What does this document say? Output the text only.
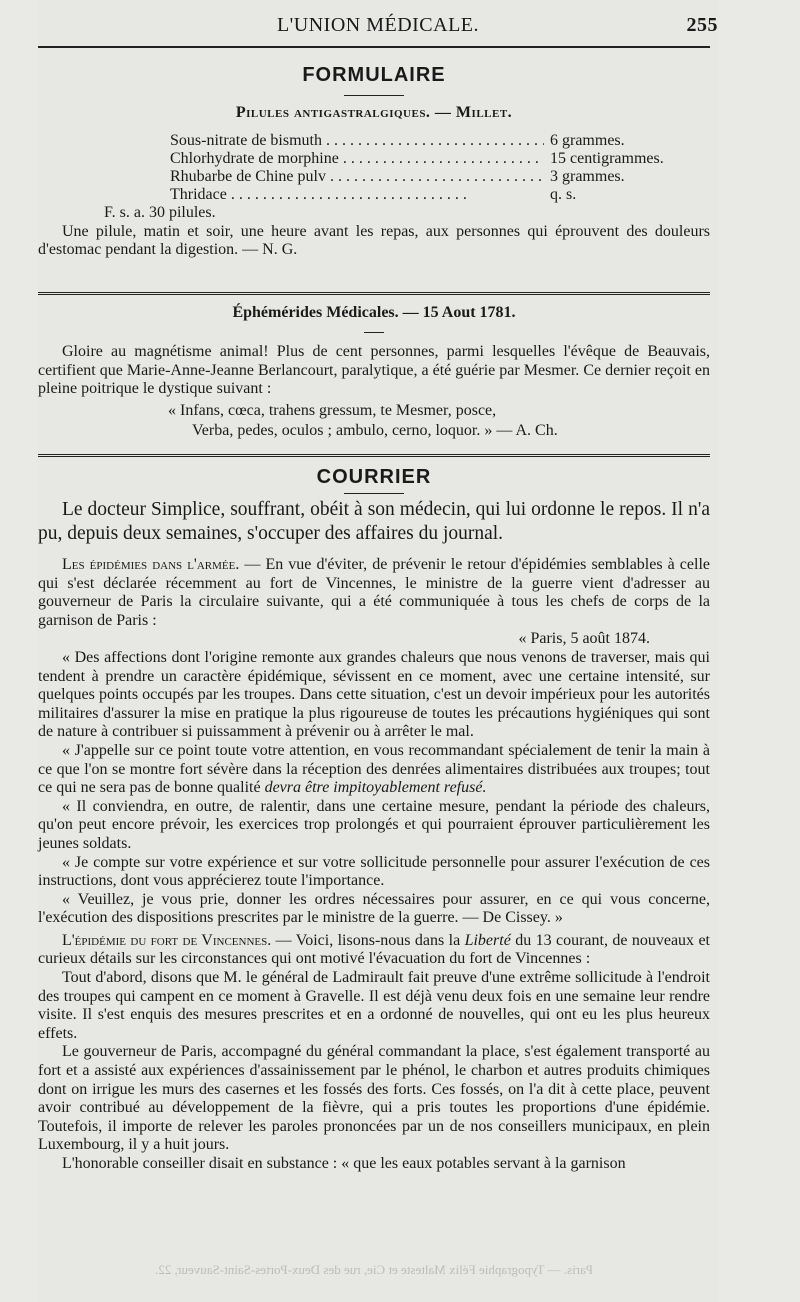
L'UNION MÉDICALE.	255
FORMULAIRE
Pilules antigastralgiques. — Millet.
Sous-nitrate de bismuth . . .	6 grammes.
Chlorhydrate de morphine . . .	15 centigrammes.
Rhubarbe de Chine pulv . . .	3 grammes.
Thridace . . .	q. s.
F. s. a. 30 pilules.
Une pilule, matin et soir, une heure avant les repas, aux personnes qui éprouvent des douleurs d'estomac pendant la digestion. — N. G.
Éphémérides Médicales. — 15 Aout 1781.
Gloire au magnétisme animal! Plus de cent personnes, parmi lesquelles l'évêque de Beauvais, certifient que Marie-Anne-Jeanne Berlancourt, paralytique, a été guérie par Mesmer. Ce dernier reçoit en pleine poitrique le dystique suivant :
« Infans, cœca, trahens gressum, te Mesmer, posce,
Verba, pedes, oculos ; ambulo, cerno, loquor. » — A. Ch.
COURRIER
Le docteur Simplice, souffrant, obéit à son médecin, qui lui ordonne le repos. Il n'a pu, depuis deux semaines, s'occuper des affaires du journal.
Les épidémies dans l'armée. — En vue d'éviter, de prévenir le retour d'épidémies semblables à celle qui s'est déclarée récemment au fort de Vincennes, le ministre de la guerre vient d'adresser au gouverneur de Paris la circulaire suivante, qui a été communiquée à tous les chefs de corps de la garnison de Paris :
« Paris, 5 août 1874.
« Des affections dont l'origine remonte aux grandes chaleurs que nous venons de traverser, mais qui tendent à prendre un caractère épidémique, sévissent en ce moment, avec une certaine intensité, sur quelques points occupés par les troupes. Dans cette situation, c'est un devoir impérieux pour les autorités militaires d'assurer la mise en pratique la plus rigoureuse de toutes les précautions hygiéniques qui sont de nature à contribuer si puissamment à prévenir ou à arrêter le mal.
« J'appelle sur ce point toute votre attention, en vous recommandant spécialement de tenir la main à ce que l'on se montre fort sévère dans la réception des denrées alimentaires distribuées aux troupes; tout ce qui ne sera pas de bonne qualité devra être impitoyablement refusé.
« Il conviendra, en outre, de ralentir, dans une certaine mesure, pendant la période des chaleurs, qu'on peut encore prévoir, les exercices trop prolongés et qui pourraient éprouver particulièrement les jeunes soldats.
« Je compte sur votre expérience et sur votre sollicitude personnelle pour assurer l'exécution de ces instructions, dont vous apprécierez toute l'importance.
« Veuillez, je vous prie, donner les ordres nécessaires pour assurer, en ce qui vous concerne, l'exécution des dispositions prescrites par le ministre de la guerre. — De Cissey. »
L'épidémie du fort de Vincennes. — Voici, lisons-nous dans la Liberté du 13 courant, de nouveaux et curieux détails sur les circonstances qui ont motivé l'évacuation du fort de Vincennes :
Tout d'abord, disons que M. le général de Ladmirault fait preuve d'une extrême sollicitude à l'endroit des troupes qui campent en ce moment à Gravelle. Il est déjà venu deux fois en une semaine leur rendre visite. Il s'est enquis des mesures prescrites et en a ordonné de nouvelles, qui ont eu les plus heureux effets.
Le gouverneur de Paris, accompagné du général commandant la place, s'est également transporté au fort et a assisté aux expériences d'assainissement par le phénol, le charbon et autres produits chimiques dont on irrigue les murs des casernes et les fossés des forts. Ces fossés, on l'a dit à cette place, peuvent avoir contribué au développement de la fièvre, qui a pris toutes les proportions d'une épidémie. Toutefois, il importe de relever les paroles prononcées par un de nos conseillers municipaux, en plein Luxembourg, il y a huit jours.
L'honorable conseiller disait en substance : « que les eaux potables servant à la garnison
Paris. — Typographie Félix Malteste et Cie, rue des Deux-Portes-Saint-Sauveur, 22.
